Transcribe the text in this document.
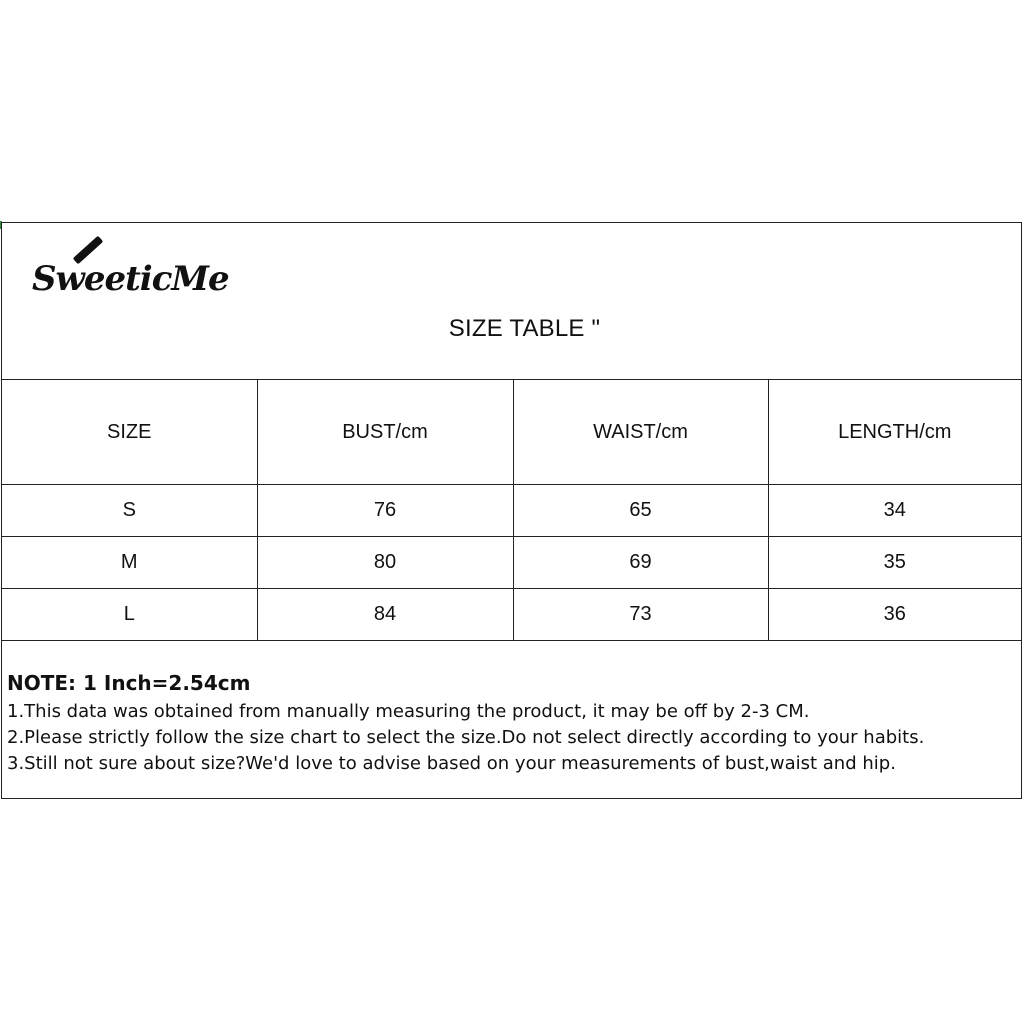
SweeticMe
SIZE TABLE "
SIZE	BUST/cm	WAIST/cm	LENGTH/cm
S	76	65	34
M	80	69	35
L	84	73	36
NOTE: 1 Inch=2.54cm
1.This data was obtained from manually measuring the product, it may be off by 2-3 CM.
2.Please strictly follow the size chart to select the size.Do not select directly according to your habits.
3.Still not sure about size?We'd love to advise based on your measurements of bust,waist and hip.
